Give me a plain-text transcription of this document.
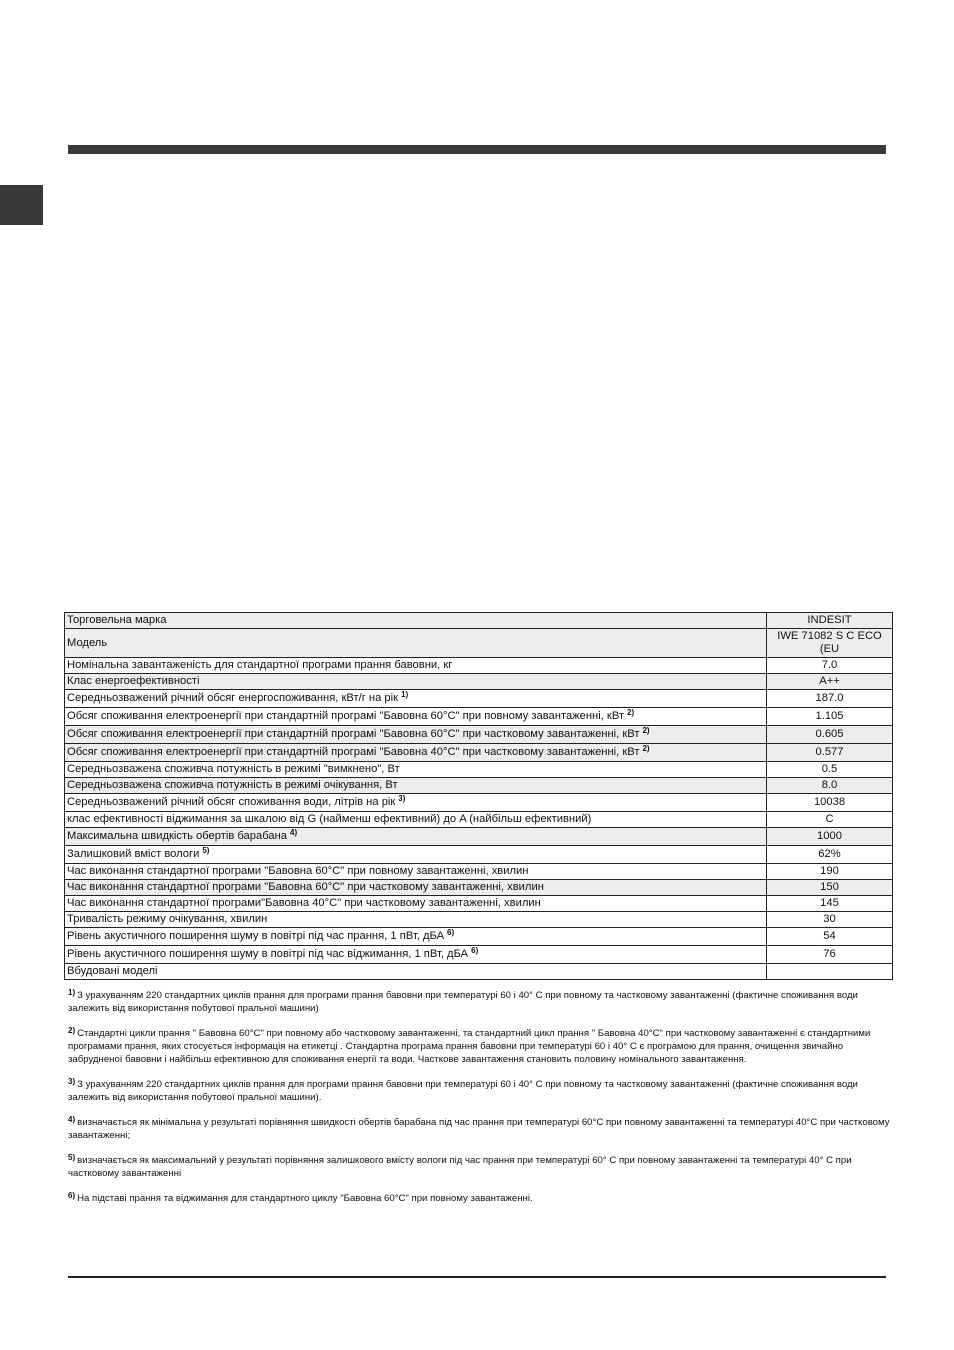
Торговельна марка	INDESIT
Модель	IWE 71082 S C ECO (EU
Номінальна завантаженість для стандартної програми прання бавовни, кг	7.0
Клас енергоефективності	A++
Середньозважений річний обсяг енергоспоживання, кВт/г на рік $^{1)}$	187.0
Обсяг споживання електроенергії при стандартній програмі "Бавовна 60°C" при повному завантаженні, кВт $^{2)}$	1.105
Обсяг споживання електроенергії при стандартній програмі "Бавовна 60°C" при частковому завантаженні, кВт $^{2)}$	0.605
Обсяг споживання електроенергії при стандартній програмі "Бавовна 40°C" при частковому завантаженні, кВт $^{2)}$	0.577
Середньозважена споживча потужність в режимі "вимкнено", Вт	0.5
Середньозважена споживча потужність в режимі очікування, Вт	8.0
Середньозважений річний обсяг споживання води, літрів на рік $^{3)}$	10038
клас ефективності віджимання за шкалою від G (найменш ефективний) до A (найбільш ефективний)	C
Максимальна швидкість обертів барабана $^{4)}$	1000
Залишковий вміст вологи $^{5)}$	62%
Час виконання стандартної програми "Бавовна 60°C" при повному завантаженні, хвилин	190
Час виконання стандартної програми "Бавовна 60°C" при частковому завантаженні, хвилин	150
Час виконання стандартної програми"Бавовна 40°C" при частковому завантаженні, хвилин	145
Тривалість режиму очікування, хвилин	30
Рівень акустичного поширення шуму в повітрі під час прання, 1 пВт, дБА $^{6)}$	54
Рівень акустичного поширення шуму в повітрі під час віджимання, 1 пВт, дБА $^{6)}$	76
Вбудовані моделі	

$^{1)}$ З урахуванням 220 стандартних циклів прання для програми прання бавовни при температурі 60 і 40° С при повному та частковому завантаженні (фактичне споживання води залежить від використання побутової пральної машини)

$^{2)}$ Стандартні цикли прання " Бавовна 60°C" при повному або частковому завантаженні, та стандартний цикл прання " Бавовна 40°C" при частковому завантаженні є стандартними програмами прання, яких стосується інформація на етикетці . Стандартна програма прання бавовни при температурі 60 і 40° С є програмою для прання, очищення звичайно забрудненої бавовни і найбільш ефективною для споживання енергії та води. Часткове завантаження становить половину номінального завантаження.

$^{3)}$ З урахуванням 220 стандартних циклів прання для програми прання бавовни при температурі 60 і 40° С при повному та частковому завантаженні (фактичне споживання води залежить від використання побутової пральної машини).

$^{4)}$ визначається як мінімальна у результаті порівняння швидкості обертів барабана під час прання при температурі 60°C при повному завантаженні та температурі 40°C при частковому завантаженні;

$^{5)}$ визначається як максимальний у результаті порівняння залишкового вмісту вологи під час прання при температурі 60° С при повному завантаженні та температурі 40° С при частковому завантаженні

$^{6)}$ На підставі прання та віджимання для стандартного циклу "Бавовна 60°C" при повному завантаженні.
